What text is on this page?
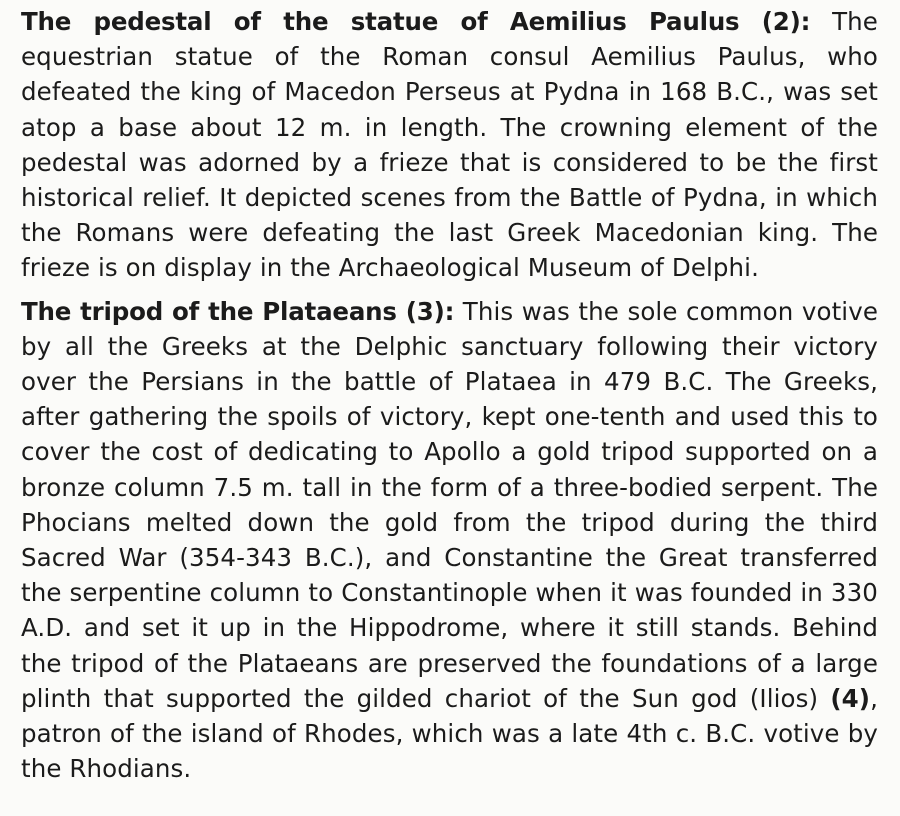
The pedestal of the statue of Aemilius Paulus (2): The equestrian statue of the Roman consul Aemilius Paulus, who defeated the king of Macedon Perseus at Pydna in 168 B.C., was set atop a base about 12 m. in length. The crowning element of the pedestal was adorned by a frieze that is considered to be the first historical relief. It depicted scenes from the Battle of Pydna, in which the Romans were defeating the last Greek Macedonian king. The frieze is on display in the Archaeological Museum of Delphi.

The tripod of the Plataeans (3): This was the sole common votive by all the Greeks at the Delphic sanctuary following their victory over the Persians in the battle of Plataea in 479 B.C. The Greeks, after gathering the spoils of victory, kept one-tenth and used this to cover the cost of dedicating to Apollo a gold tripod supported on a bronze column 7.5 m. tall in the form of a three-bodied serpent. The Phocians melted down the gold from the tripod during the third Sacred War (354-343 B.C.), and Constantine the Great transferred the serpentine column to Constantinople when it was founded in 330 A.D. and set it up in the Hippodrome, where it still stands. Behind the tripod of the Plataeans are preserved the foundations of a large plinth that supported the gilded chariot of the Sun god (Ilios) (4), patron of the island of Rhodes, which was a late 4th c. B.C. votive by the Rhodians.
